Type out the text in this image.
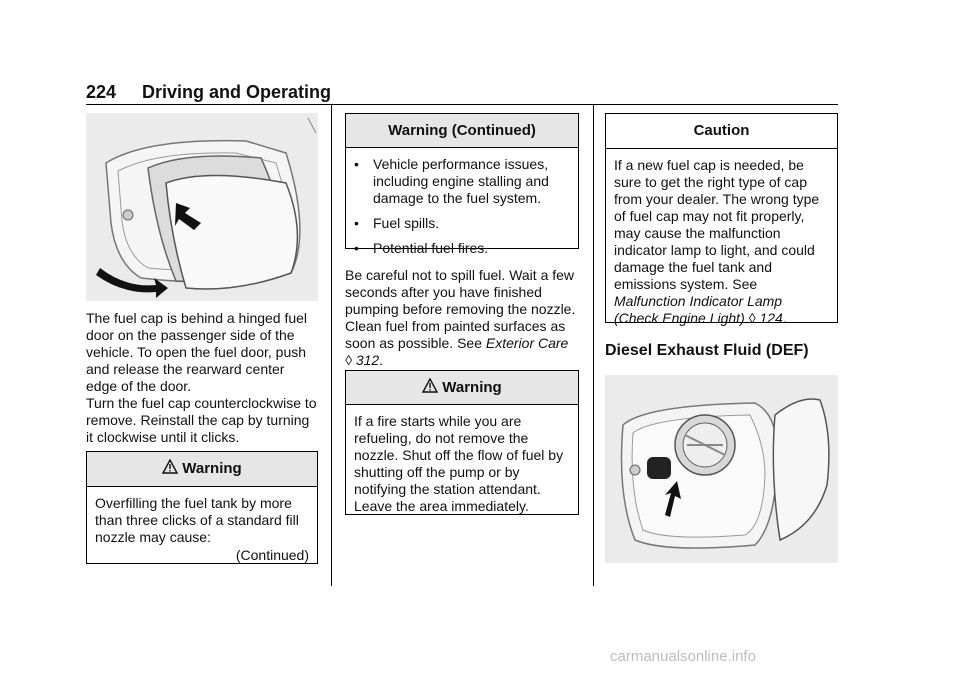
224 Driving and Operating

The fuel cap is behind a hinged fuel door on the passenger side of the vehicle. To open the fuel door, push and release the rearward center edge of the door.

Turn the fuel cap counterclockwise to remove. Reinstall the cap by turning it clockwise until it clicks.

Warning
Overfilling the fuel tank by more than three clicks of a standard fill nozzle may cause:
(Continued)
Warning (Continued)
• Vehicle performance issues, including engine stalling and damage to the fuel system.
• Fuel spills.
• Potential fuel fires.

Be careful not to spill fuel. Wait a few seconds after you have finished pumping before removing the nozzle. Clean fuel from painted surfaces as soon as possible. See Exterior Care ◊ 312.

Warning
If a fire starts while you are refueling, do not remove the nozzle. Shut off the flow of fuel by shutting off the pump or by notifying the station attendant. Leave the area immediately.
Caution
If a new fuel cap is needed, be sure to get the right type of cap from your dealer. The wrong type of fuel cap may not fit properly, may cause the malfunction indicator lamp to light, and could damage the fuel tank and emissions system. See Malfunction Indicator Lamp (Check Engine Light) ◊ 124.
Diesel Exhaust Fluid (DEF)
carmanualsonline.info
